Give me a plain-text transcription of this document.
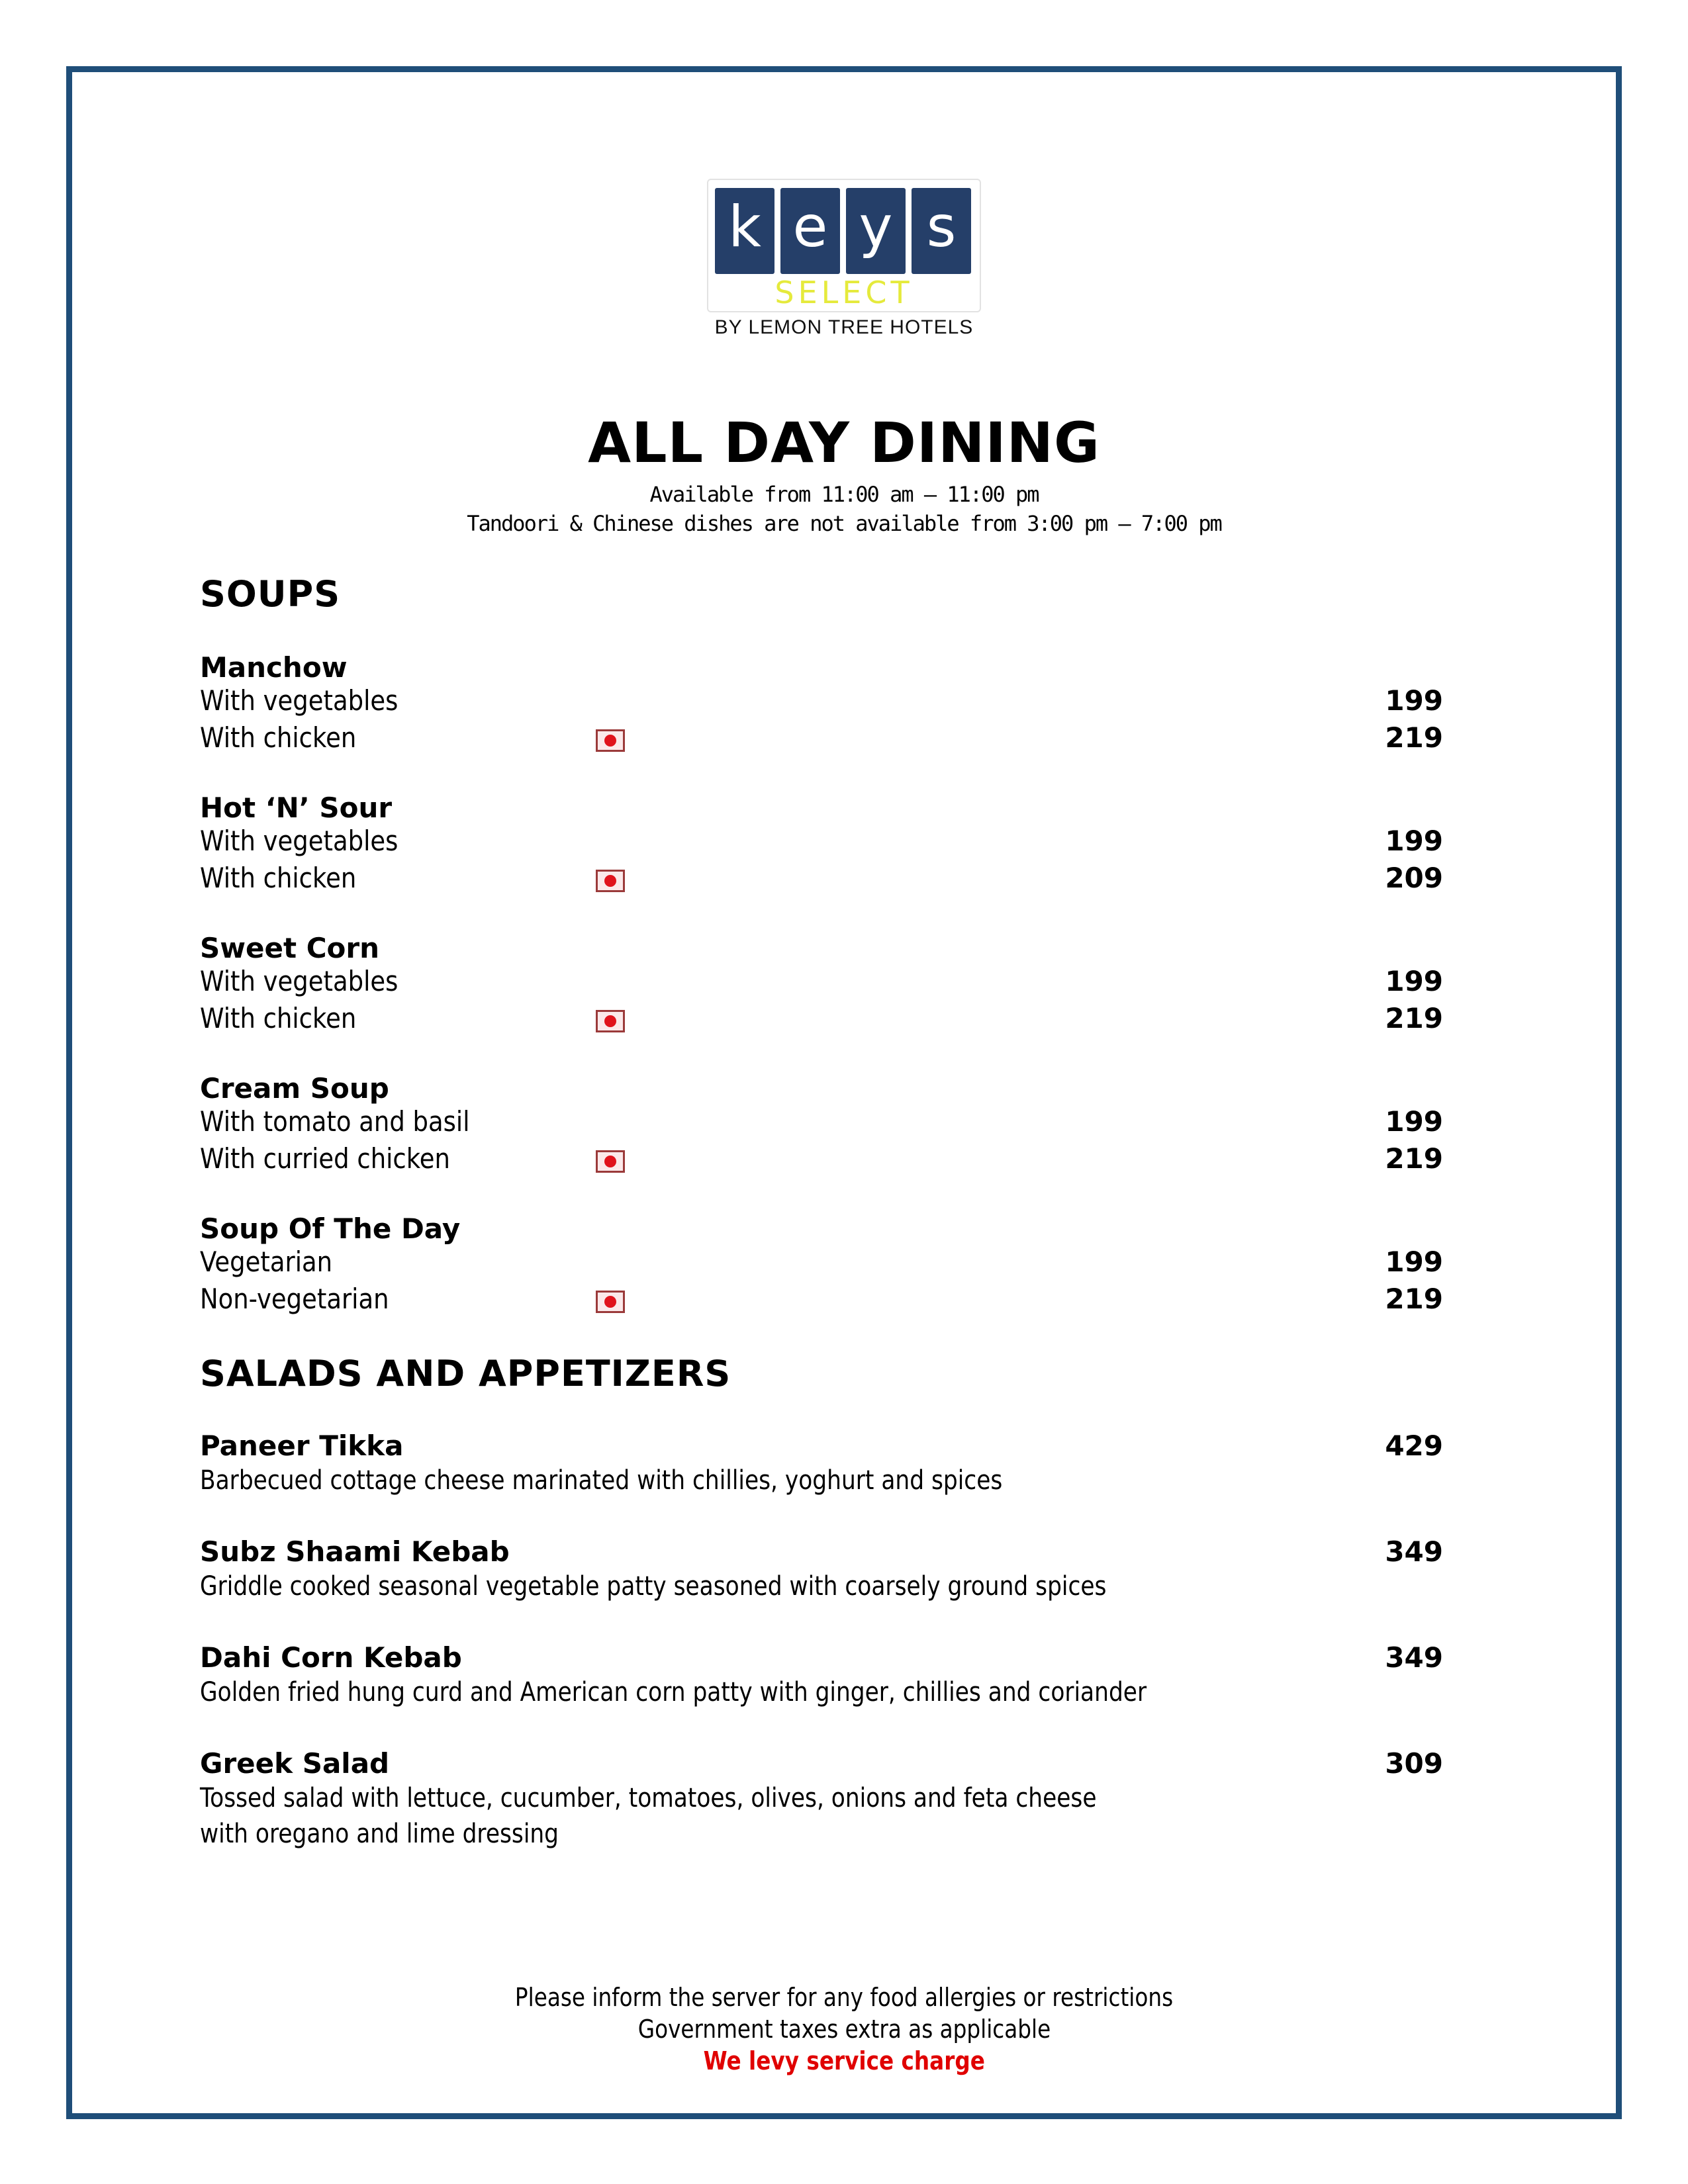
k e y s
SELECT
BY LEMON TREE HOTELS
ALL DAY DINING
Available from 11:00 am – 11:00 pm
Tandoori & Chinese dishes are not available from 3:00 pm – 7:00 pm
SOUPS
Manchow
With vegetables	199
With chicken	219
Hot ‘N’ Sour
With vegetables	199
With chicken	209
Sweet Corn
With vegetables	199
With chicken	219
Cream Soup
With tomato and basil	199
With curried chicken	219
Soup Of The Day
Vegetarian	199
Non-vegetarian	219
SALADS AND APPETIZERS
Paneer Tikka	429
Barbecued cottage cheese marinated with chillies, yoghurt and spices
Subz Shaami Kebab	349
Griddle cooked seasonal vegetable patty seasoned with coarsely ground spices
Dahi Corn Kebab	349
Golden fried hung curd and American corn patty with ginger, chillies and coriander
Greek Salad	309
Tossed salad with lettuce, cucumber, tomatoes, olives, onions and feta cheese
with oregano and lime dressing
Please inform the server for any food allergies or restrictions
Government taxes extra as applicable
We levy service charge
